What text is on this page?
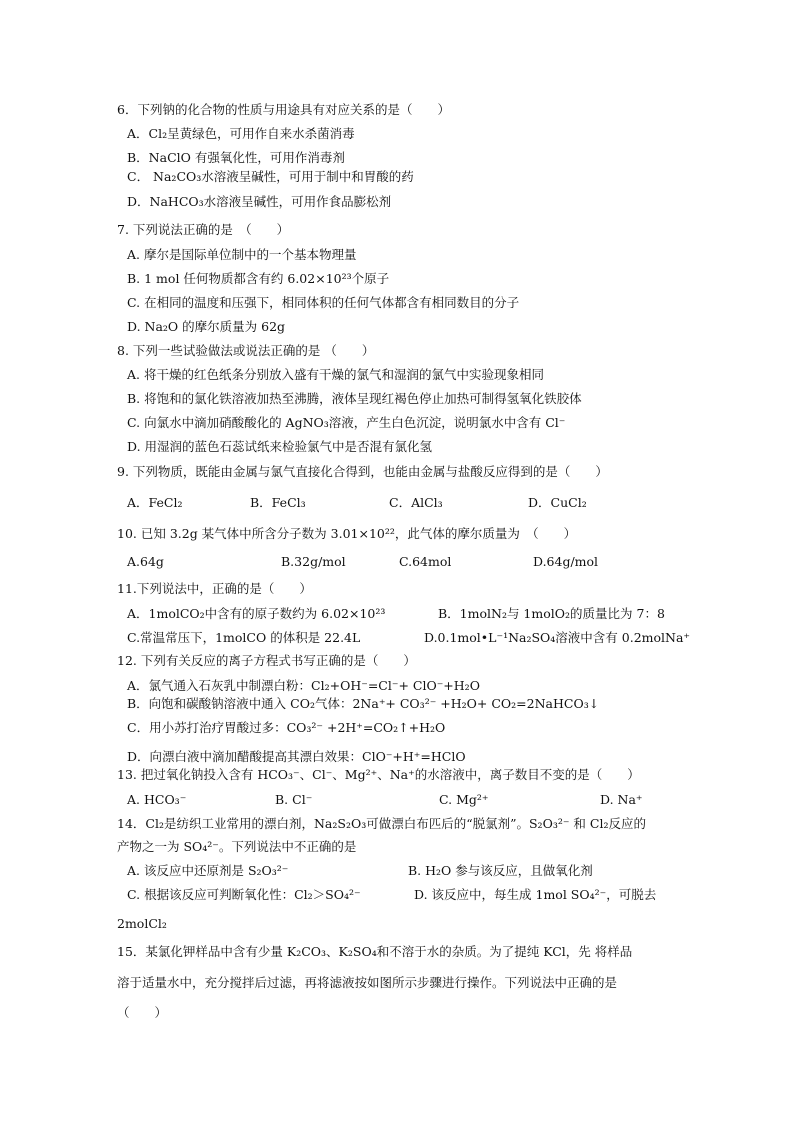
6．下列钠的化合物的性质与用途具有对应关系的是（　　）
A．Cl₂呈黄绿色，可用作自来水杀菌消毒
B．NaClO 有强氧化性，可用作消毒剂
C． Na₂CO₃水溶液呈碱性，可用于制中和胃酸的药
D．NaHCO₃水溶液呈碱性，可用作食品膨松剂
7. 下列说法正确的是　（　　）
A. 摩尔是国际单位制中的一个基本物理量
B. 1 mol 任何物质都含有约 6.02×10²³个原子
C. 在相同的温度和压强下，相同体积的任何气体都含有相同数目的分子
D. Na₂O 的摩尔质量为 62g
8. 下列一些试验做法或说法正确的是 （　　）
A. 将干燥的红色纸条分别放入盛有干燥的氯气和湿润的氯气中实验现象相同
B. 将饱和的氯化铁溶液加热至沸腾，液体呈现红褐色停止加热可制得氢氧化铁胶体
C. 向氯水中滴加硝酸酸化的 AgNO₃溶液，产生白色沉淀，说明氯水中含有 Cl⁻
D. 用湿润的蓝色石蕊试纸来检验氯气中是否混有氯化氢
9. 下列物质，既能由金属与氯气直接化合得到，也能由金属与盐酸反应得到的是（　　）
A．FeCl₂	B．FeCl₃	C．AlCl₃	D．CuCl₂
10. 已知 3.2g 某气体中所含分子数为 3.01×10²²，此气体的摩尔质量为　（　　）
A.64g	B.32g/mol	C.64mol	D.64g/mol
11.下列说法中，正确的是（　　）
A．1molCO₂中含有的原子数约为 6.02×10²³	B．1molN₂与 1molO₂的质量比为 7：8
C.常温常压下，1molCO 的体积是 22.4L	D.0.1mol•L⁻¹Na₂SO₄溶液中含有 0.2molNa⁺
12. 下列有关反应的离子方程式书写正确的是（　　）
A．氯气通入石灰乳中制漂白粉：Cl₂+OH⁻=Cl⁻+ ClO⁻+H₂O
B．向饱和碳酸钠溶液中通入 CO₂气体：2Na⁺+ CO₃²⁻ +H₂O+ CO₂=2NaHCO₃↓
C．用小苏打治疗胃酸过多：CO₃²⁻ +2H⁺=CO₂↑+H₂O
D．向漂白液中滴加醋酸提高其漂白效果：ClO⁻+H⁺=HClO
13. 把过氧化钠投入含有 HCO₃⁻、Cl⁻、Mg²⁺、Na⁺的水溶液中，离子数目不变的是（　　）
A. HCO₃⁻	B. Cl⁻	C. Mg²⁺	D. Na⁺
14．Cl₂是纺织工业常用的漂白剂，Na₂S₂O₃可做漂白布匹后的“脱氯剂”。S₂O₃²⁻ 和 Cl₂反应的
产物之一为 SO₄²⁻。下列说法中不正确的是
A. 该反应中还原剂是 S₂O₃²⁻	B. H₂O 参与该反应，且做氧化剂
C. 根据该反应可判断氧化性：Cl₂＞SO₄²⁻	D. 该反应中，每生成 1mol SO₄²⁻，可脱去
2molCl₂
15．某氯化钾样品中含有少量 K₂CO₃、K₂SO₄和不溶于水的杂质。为了提纯 KCl，先 将样品
溶于适量水中，充分搅拌后过滤，再将滤液按如图所示步骤进行操作。下列说法中正确的是
（　　）
